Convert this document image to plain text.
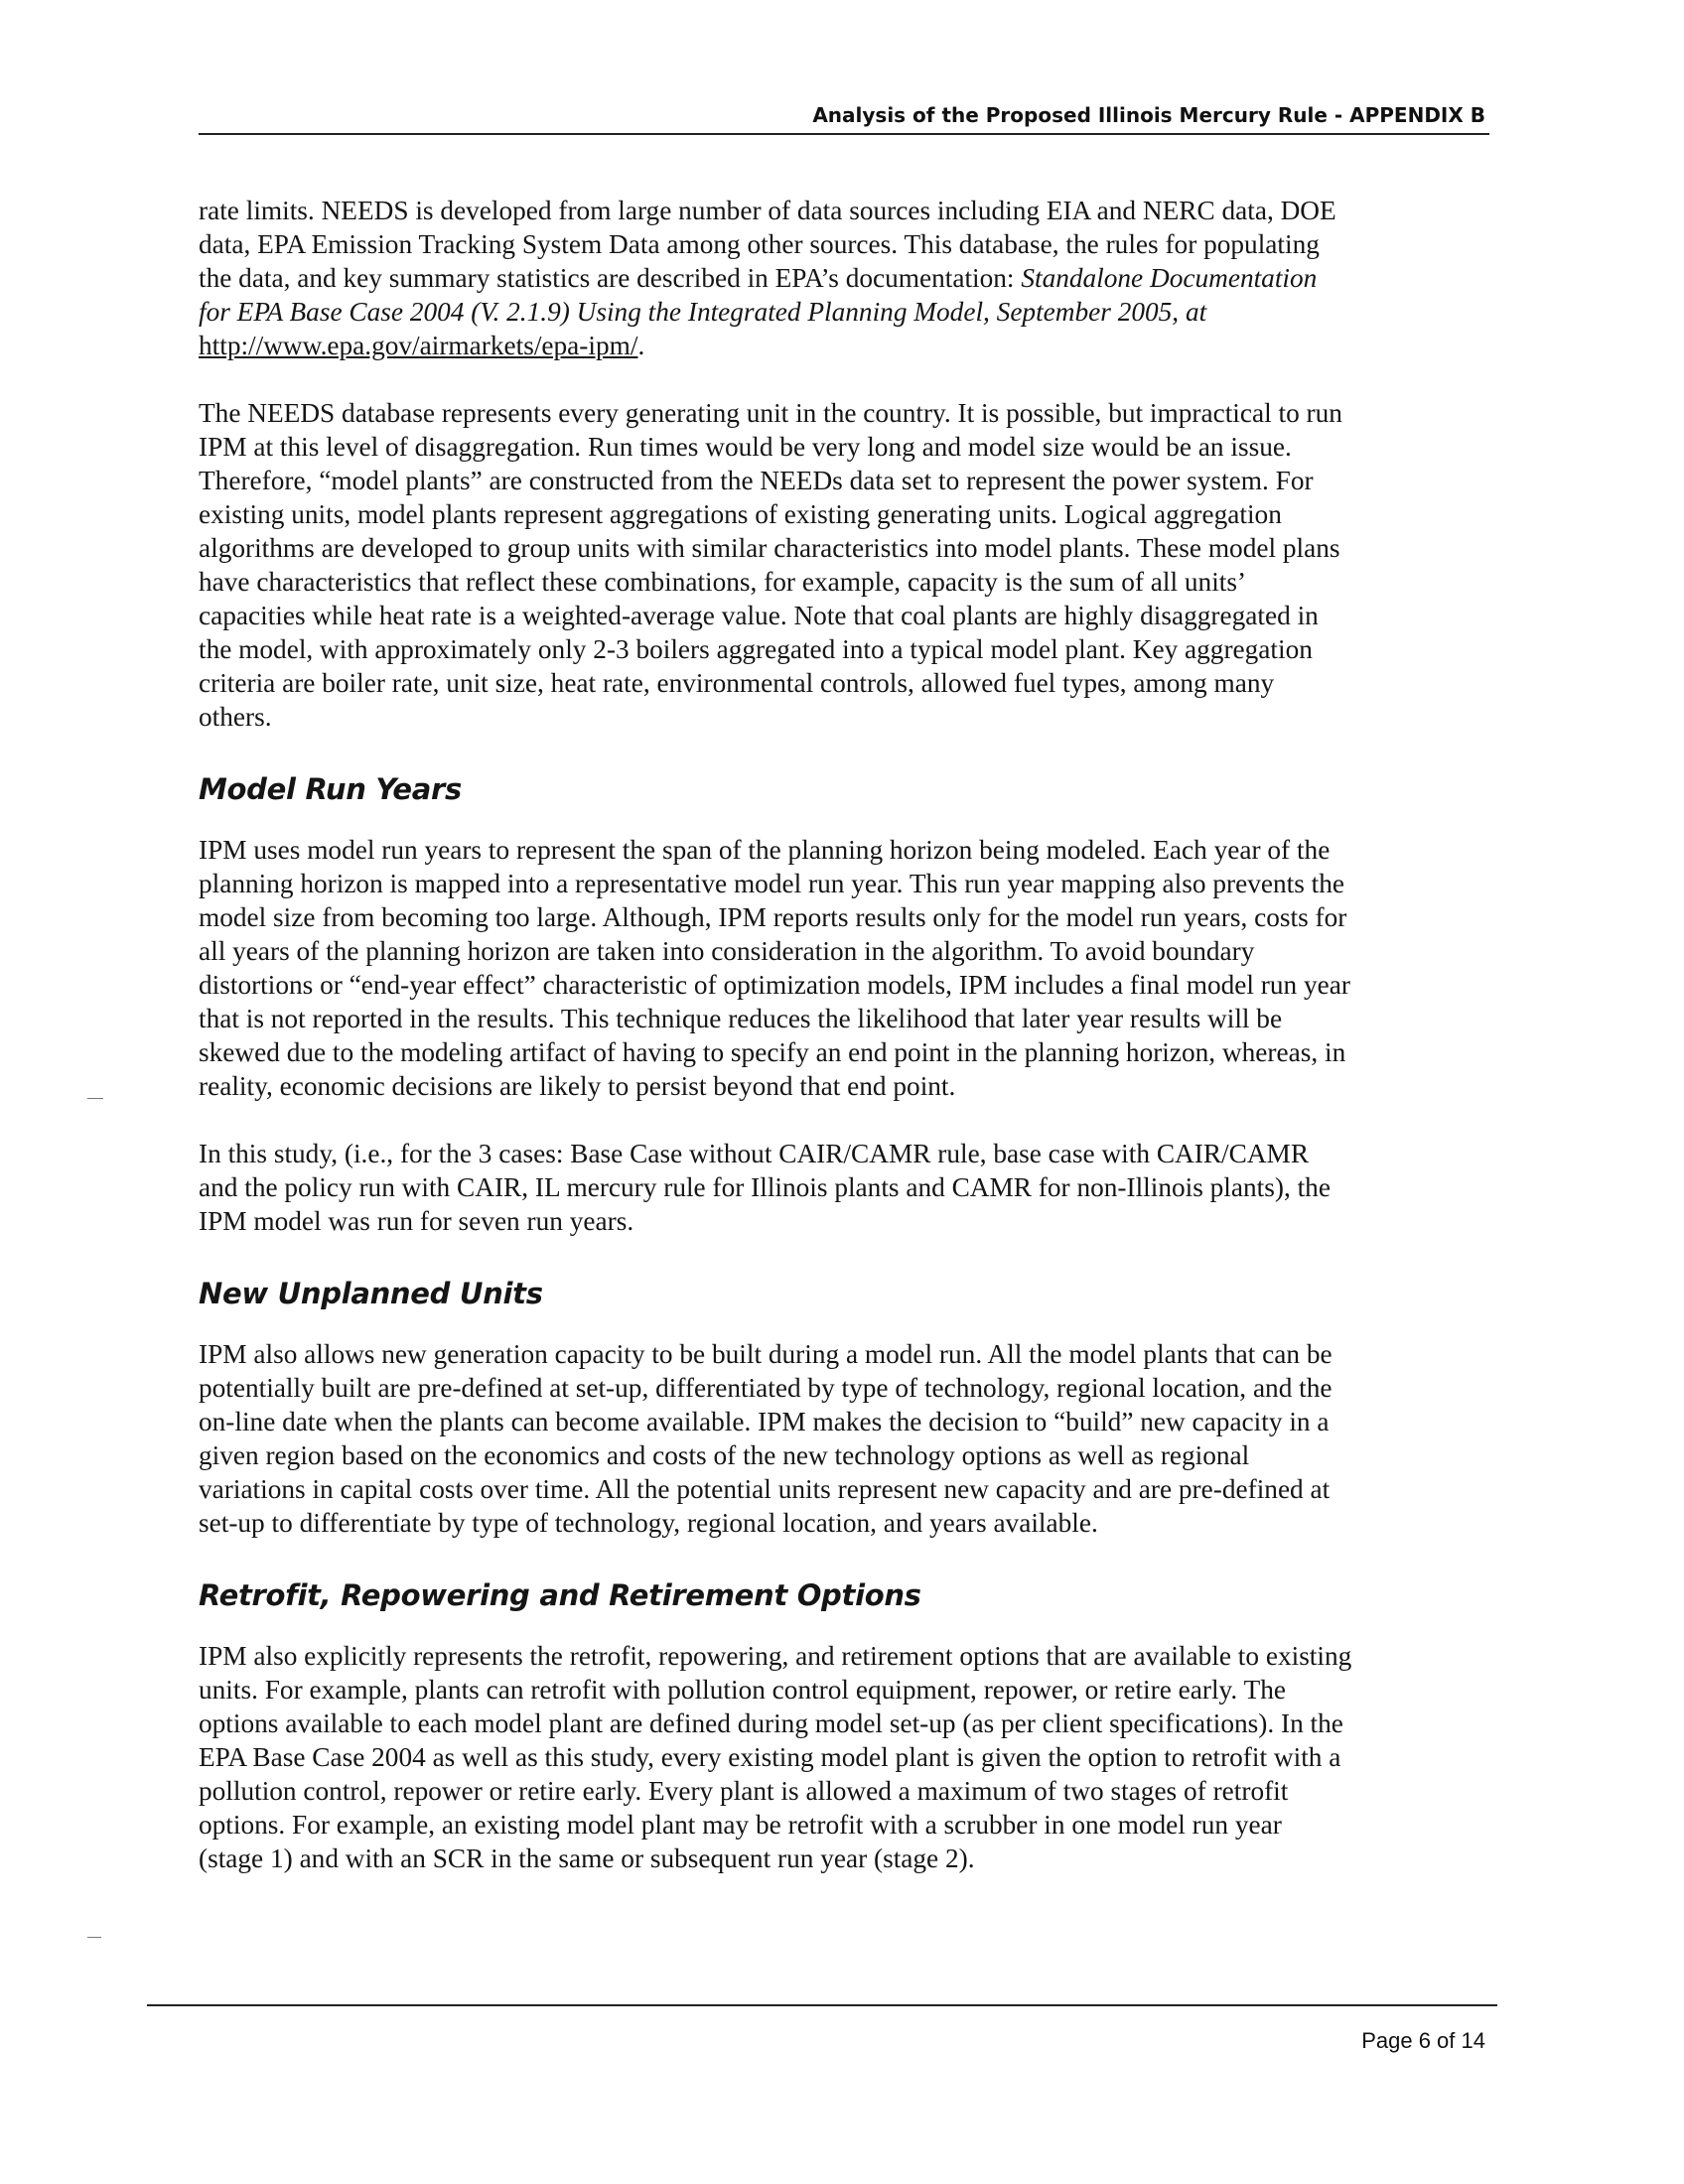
Analysis of the Proposed Illinois Mercury Rule - APPENDIX B

rate limits. NEEDS is developed from large number of data sources including EIA and NERC data, DOE
data, EPA Emission Tracking System Data among other sources. This database, the rules for populating
the data, and key summary statistics are described in EPA’s documentation: Standalone Documentation
for EPA Base Case 2004 (V. 2.1.9) Using the Integrated Planning Model, September 2005, at
http://www.epa.gov/airmarkets/epa-ipm/.

The NEEDS database represents every generating unit in the country. It is possible, but impractical to run
IPM at this level of disaggregation. Run times would be very long and model size would be an issue.
Therefore, “model plants” are constructed from the NEEDs data set to represent the power system. For
existing units, model plants represent aggregations of existing generating units. Logical aggregation
algorithms are developed to group units with similar characteristics into model plants. These model plans
have characteristics that reflect these combinations, for example, capacity is the sum of all units’
capacities while heat rate is a weighted-average value. Note that coal plants are highly disaggregated in
the model, with approximately only 2-3 boilers aggregated into a typical model plant. Key aggregation
criteria are boiler rate, unit size, heat rate, environmental controls, allowed fuel types, among many
others.

Model Run Years

IPM uses model run years to represent the span of the planning horizon being modeled. Each year of the
planning horizon is mapped into a representative model run year. This run year mapping also prevents the
model size from becoming too large. Although, IPM reports results only for the model run years, costs for
all years of the planning horizon are taken into consideration in the algorithm. To avoid boundary
distortions or “end-year effect” characteristic of optimization models, IPM includes a final model run year
that is not reported in the results. This technique reduces the likelihood that later year results will be
skewed due to the modeling artifact of having to specify an end point in the planning horizon, whereas, in
reality, economic decisions are likely to persist beyond that end point.

In this study, (i.e., for the 3 cases: Base Case without CAIR/CAMR rule, base case with CAIR/CAMR
and the policy run with CAIR, IL mercury rule for Illinois plants and CAMR for non-Illinois plants), the
IPM model was run for seven run years.

New Unplanned Units

IPM also allows new generation capacity to be built during a model run. All the model plants that can be
potentially built are pre-defined at set-up, differentiated by type of technology, regional location, and the
on-line date when the plants can become available. IPM makes the decision to “build” new capacity in a
given region based on the economics and costs of the new technology options as well as regional
variations in capital costs over time. All the potential units represent new capacity and are pre-defined at
set-up to differentiate by type of technology, regional location, and years available.

Retrofit, Repowering and Retirement Options

IPM also explicitly represents the retrofit, repowering, and retirement options that are available to existing
units. For example, plants can retrofit with pollution control equipment, repower, or retire early. The
options available to each model plant are defined during model set-up (as per client specifications). In the
EPA Base Case 2004 as well as this study, every existing model plant is given the option to retrofit with a
pollution control, repower or retire early. Every plant is allowed a maximum of two stages of retrofit
options. For example, an existing model plant may be retrofit with a scrubber in one model run year
(stage 1) and with an SCR in the same or subsequent run year (stage 2).

Page 6 of 14
